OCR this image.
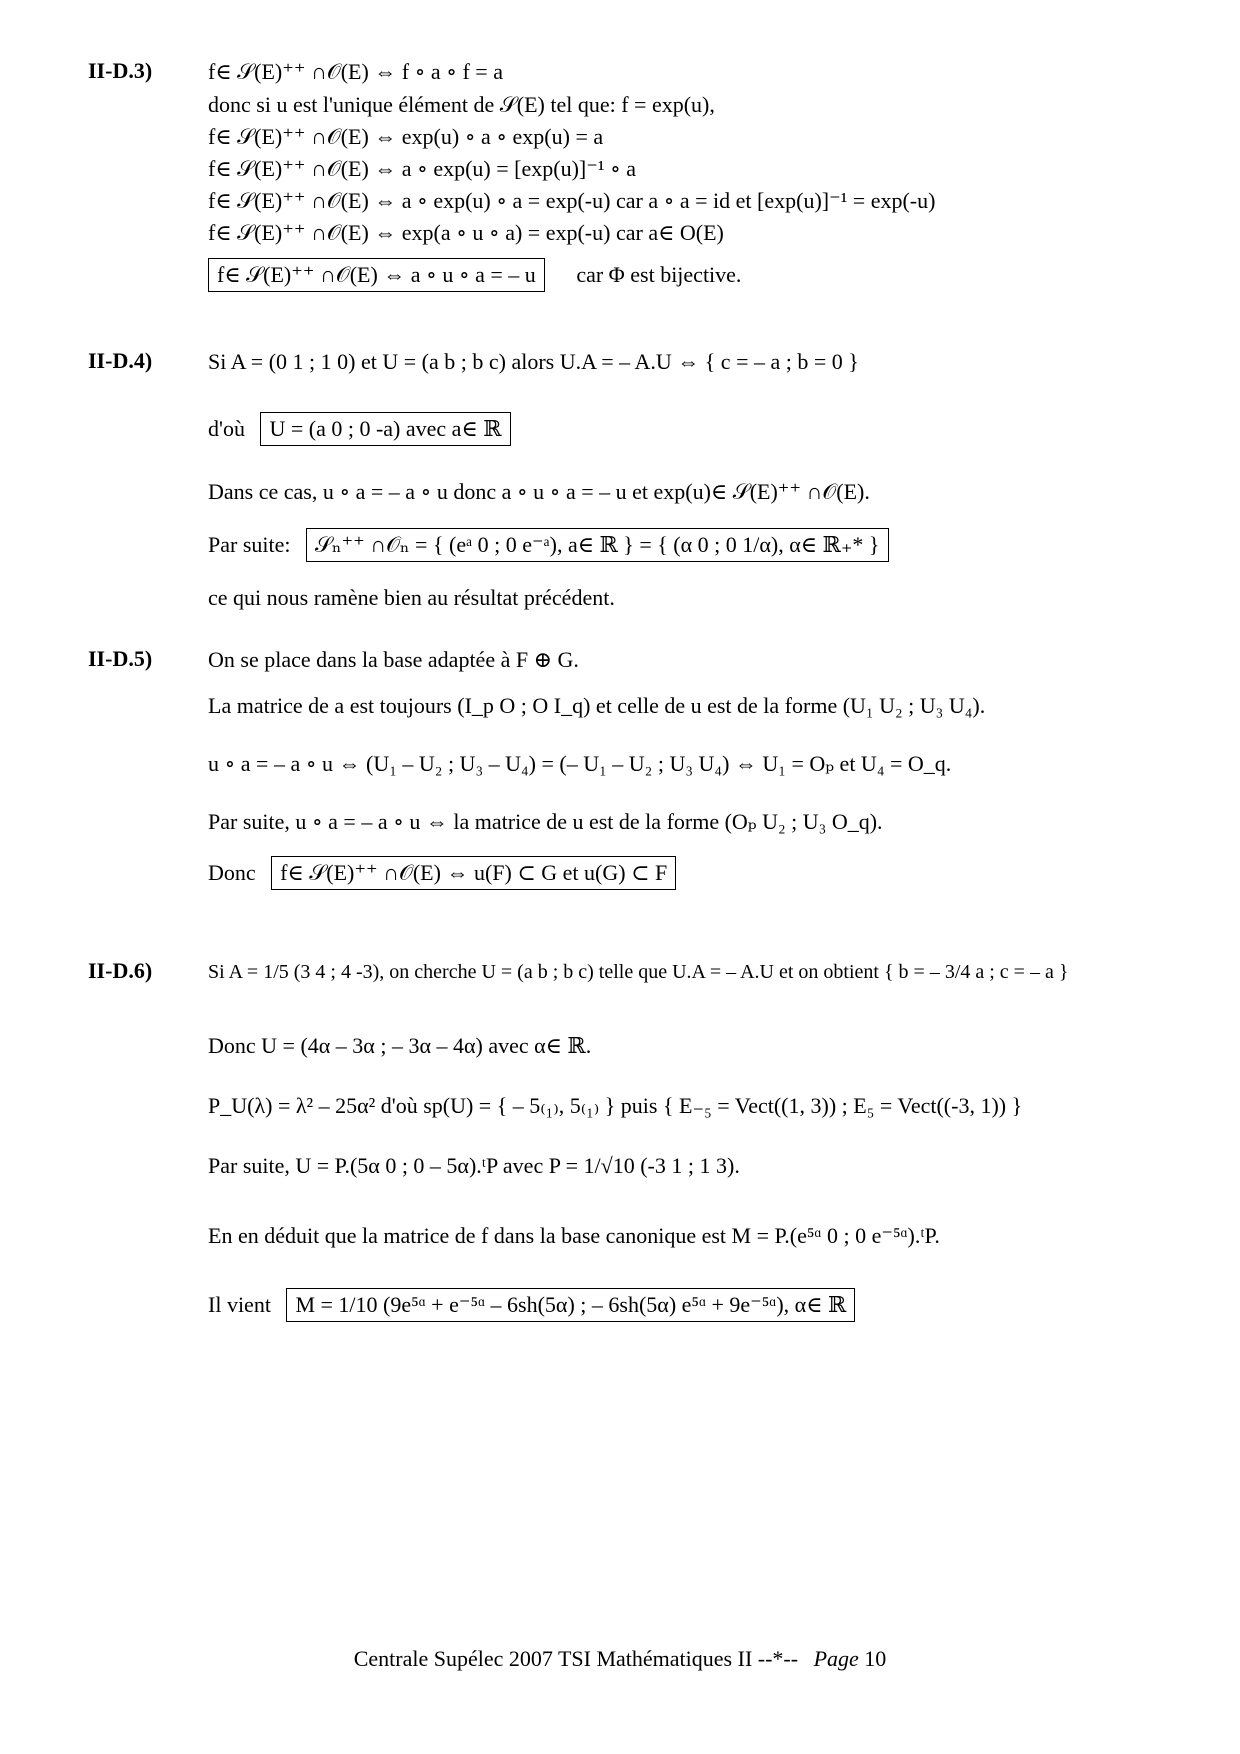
II-D.3)	f∈ 𝒮(E)⁺⁺ ∩𝒪(E) ⇔ f ∘ a ∘ f = a
donc si u est l'unique élément de 𝒮(E) tel que: f = exp(u),
f∈ 𝒮(E)⁺⁺ ∩𝒪(E) ⇔ exp(u) ∘ a ∘ exp(u) = a
f∈ 𝒮(E)⁺⁺ ∩𝒪(E) ⇔ a ∘ exp(u) = [exp(u)]⁻¹ ∘ a
f∈ 𝒮(E)⁺⁺ ∩𝒪(E) ⇔ a ∘ exp(u) ∘ a = exp(-u) car a ∘ a = id et [exp(u)]⁻¹ = exp(-u)
f∈ 𝒮(E)⁺⁺ ∩𝒪(E) ⇔ exp(a ∘ u ∘ a) = exp(-u) car a∈ O(E)
f∈ 𝒮(E)⁺⁺ ∩𝒪(E) ⇔ a ∘ u ∘ a = – u car Φ est bijective.
II-D.4)	Si A = (0 1 ; 1 0) et U = (a b ; b c) alors U.A = – A.U ⇔ { c = – a ; b = 0 }
d'où U = (a 0 ; 0 -a) avec a∈ ℝ
Dans ce cas, u ∘ a = – a ∘ u donc a ∘ u ∘ a = – u et exp(u)∈ 𝒮(E)⁺⁺ ∩𝒪(E).
Par suite: 𝒮ₙ⁺⁺ ∩𝒪ₙ = { (eᵃ 0 ; 0 e⁻ᵃ), a∈ ℝ } = { (α 0 ; 0 1/α), α∈ ℝ₊* }
ce qui nous ramène bien au résultat précédent.
II-D.5)	On se place dans la base adaptée à F ⊕ G.
La matrice de a est toujours (I_p O ; O I_q) et celle de u est de la forme (U₁ U₂ ; U₃ U₄).
u ∘ a = – a ∘ u ⇔ (U₁ – U₂ ; U₃ – U₄) = (– U₁ – U₂ ; U₃ U₄) ⇔ U₁ = Oₚ et U₄ = O_q.
Par suite, u ∘ a = – a ∘ u ⇔ la matrice de u est de la forme (Oₚ U₂ ; U₃ O_q).
Donc f∈ 𝒮(E)⁺⁺ ∩𝒪(E) ⇔ u(F) ⊂ G et u(G) ⊂ F
II-D.6)	Si A = 1/5 (3 4 ; 4 -3), on cherche U = (a b ; b c) telle que U.A = – A.U et on obtient { b = – 3/4 a ; c = – a }
Donc U = (4α – 3α ; – 3α – 4α) avec α∈ ℝ.
P_U(λ) = λ² – 25α² d'où sp(U) = { – 5₍₁₎, 5₍₁₎ } puis { E₋₅ = Vect((1, 3)) ; E₅ = Vect((-3, 1)) }
Par suite, U = P.(5α 0 ; 0 – 5α).ᵗP avec P = 1/√10 (-3 1 ; 1 3).
En en déduit que la matrice de f dans la base canonique est M = P.(e⁵ᵅ 0 ; 0 e⁻⁵ᵅ).ᵗP.
Il vient M = 1/10 (9e⁵ᵅ + e⁻⁵ᵅ – 6sh(5α) ; – 6sh(5α) e⁵ᵅ + 9e⁻⁵ᵅ), α∈ ℝ
Centrale Supélec 2007 TSI Mathématiques II --*-- Page 10
